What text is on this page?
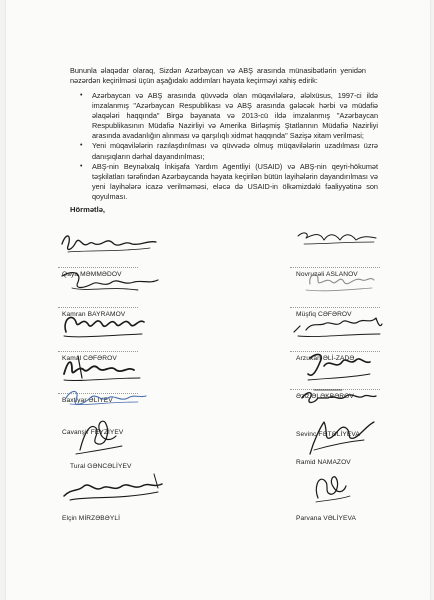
Bununla əlaqədar olaraq, Sizdən Azərbaycan və ABŞ arasında münasibətlərin yenidən nəzərdən keçirilməsi üçün aşağıdakı addımları həyata keçirməyi xahiş edirik:
• Azərbaycan və ABŞ arasında qüvvədə olan müqavilələrə, ələlxüsus, 1997-ci ildə imzalanmış "Azərbaycan Respublikası və ABŞ arasında gələcək hərbi və müdafiə əlaqələri haqqında" Birgə bəyanata və 2013-cü ildə imzalanmış "Azərbaycan Respublikasının Müdafiə Nazirliyi və Amerika Birləşmiş Ştatlarının Müdafiə Nazirliyi arasında avadanlığın alınması və qarşılıqlı xidmət haqqında" Sazişə xitam verilməsi;
• Yeni müqavilələrin razılaşdırılması və qüvvədə olmuş müqavilələrin uzadılması üzrə danışıqların dərhal dayandırılması;
• ABŞ-nin Beynəlxalq İnkişafa Yardım Agentliyi (USAID) və ABŞ-nin qeyri-hökumət təşkilatları tərəfindən Azərbaycanda həyata keçirilən bütün layihələrin dayandırılması və yeni layihələrə icazə verilməməsi, eləcə də USAID-in ölkəmizdəki fəaliyyətinə son qoyulması.
Hörmətlə,
Qaya MƏMMƏDOV
Kamran BAYRAMOV
Kamal CƏFƏROV
Baxtiyar ƏLİYEV
Cavanşir FEYZİYEV
Tural GƏNCƏLİYEV
Elçin MİRZƏBƏYLİ
Novruzəli ASLANOV
Müşfiq CƏFƏROV
Arzuxan ƏLİ-ZADƏ
Əziz ƏLƏKBƏROV
Sevinc FƏTƏLİYEVA
Ramid NAMAZOV
Parvana VƏLİYEVA
